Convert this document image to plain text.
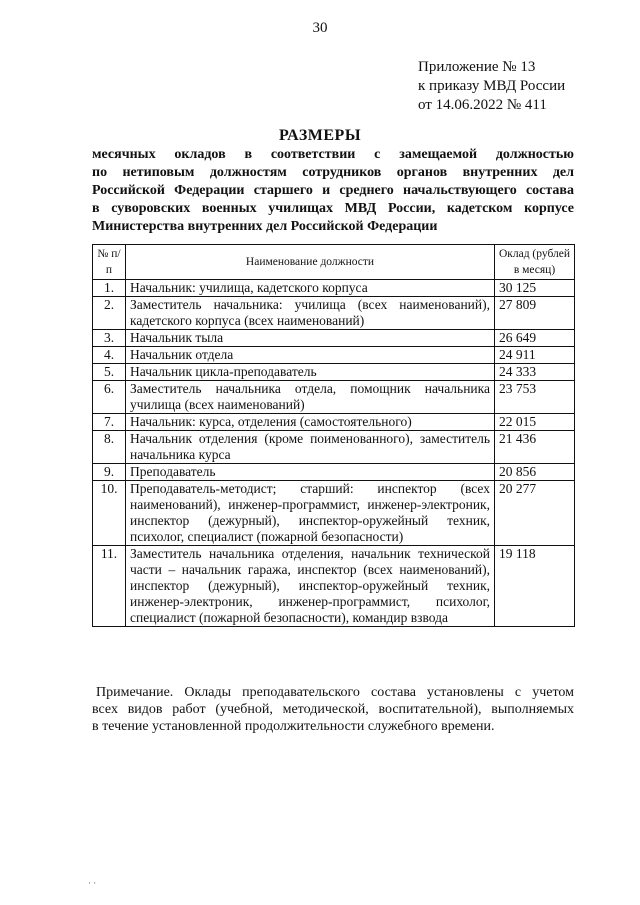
30
Приложение № 13
к приказу МВД России
от 14.06.2022 № 411
РАЗМЕРЫ
месячных окладов в соответствии с замещаемой должностью
по нетиповым должностям сотрудников органов внутренних дел
Российской Федерации старшего и среднего начальствующего состава
в суворовских военных училищах МВД России, кадетском корпусе
Министерства внутренних дел Российской Федерации
№ п/п	Наименование должности	Оклад (рублей в месяц)
1.	Начальник: училища, кадетского корпуса	30 125
2.	Заместитель начальника: училища (всех наименований), кадетского корпуса (всех наименований)	27 809
3.	Начальник тыла	26 649
4.	Начальник отдела	24 911
5.	Начальник цикла-преподаватель	24 333
6.	Заместитель начальника отдела, помощник начальника училища (всех наименований)	23 753
7.	Начальник: курса, отделения (самостоятельного)	22 015
8.	Начальник отделения (кроме поименованного), заместитель начальника курса	21 436
9.	Преподаватель	20 856
10.	Преподаватель-методист; старший: инспектор (всех наименований), инженер-программист, инженер-электроник, инспектор (дежурный), инспектор-оружейный техник, психолог, специалист (пожарной безопасности)	20 277
11.	Заместитель начальника отделения, начальник технической части – начальник гаража, инспектор (всех наименований), инспектор (дежурный), инспектор-оружейный техник, инженер-электроник, инженер-программист, психолог, специалист (пожарной безопасности), командир взвода	19 118
Примечание. Оклады преподавательского состава установлены с учетом
всех видов работ (учебной, методической, воспитательной), выполняемых
в течение установленной продолжительности служебного времени.
· ·
